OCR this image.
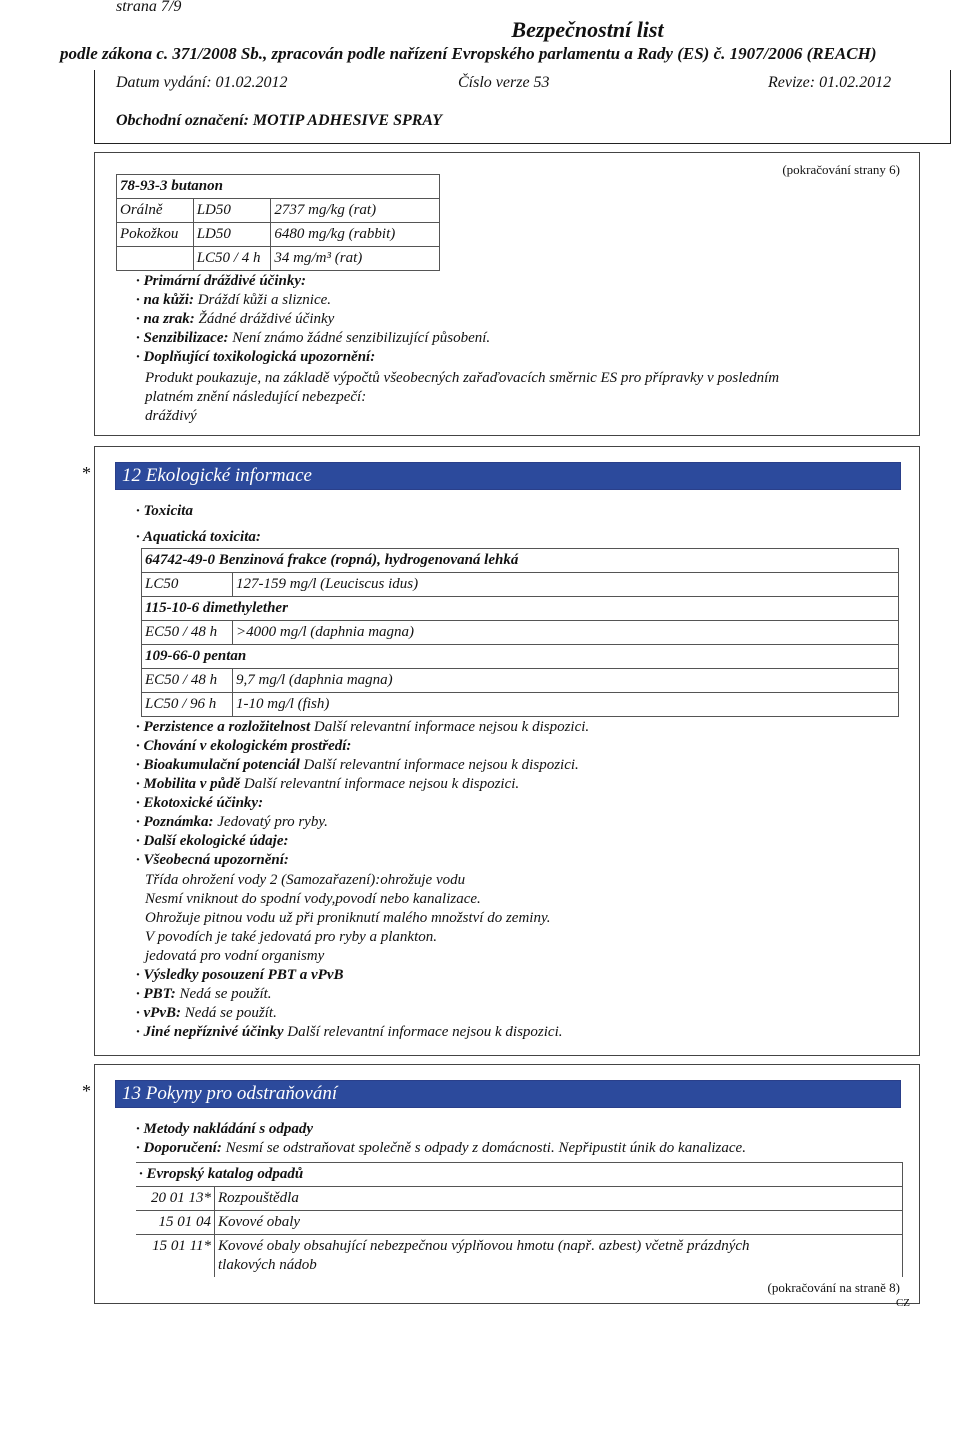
strana 7/9
Bezpečnostní list
podle zákona c. 371/2008 Sb., zpracován podle nařízení Evropského parlamentu a Rady (ES) č. 1907/2006 (REACH)
Datum vydání: 01.02.2012	Číslo verze 53	Revize: 01.02.2012
Obchodní označení: MOTIP ADHESIVE SPRAY
(pokračování strany 6)
78-93-3 butanon		
Orálně	LD50	2737 mg/kg (rat)
Pokožkou	LD50	6480 mg/kg (rabbit)
	LC50 / 4 h	34 mg/m³ (rat)
· Primární dráždivé účinky:
· na kůži: Dráždí kůži a sliznice.
· na zrak: Žádné dráždivé účinky
· Senzibilizace: Není známo žádné senzibilizující působení.
· Doplňující toxikologická upozornění:
Produkt poukazuje, na základě výpočtů všeobecných zařaďovacích směrnic ES pro přípravky v posledním
platném znění následující nebezpečí:
dráždivý
*	12 Ekologické informace
· Toxicita
· Aquatická toxicita:
64742-49-0 Benzinová frakce (ropná), hydrogenovaná lehká	
LC50	127-159 mg/l (Leuciscus idus)
115-10-6 dimethylether	
EC50 / 48 h	>4000 mg/l (daphnia magna)
109-66-0 pentan	
EC50 / 48 h	9,7 mg/l (daphnia magna)
LC50 / 96 h	1-10 mg/l (fish)
· Perzistence a rozložitelnost Další relevantní informace nejsou k dispozici.
· Chování v ekologickém prostředí:
· Bioakumulační potenciál Další relevantní informace nejsou k dispozici.
· Mobilita v půdě Další relevantní informace nejsou k dispozici.
· Ekotoxické účinky:
· Poznámka: Jedovatý pro ryby.
· Další ekologické údaje:
· Všeobecná upozornění:
Třída ohrožení vody 2 (Samozařazení):ohrožuje vodu
Nesmí vniknout do spodní vody,povodí nebo kanalizace.
Ohrožuje pitnou vodu už při proniknutí malého množství do zeminy.
V povodích je také jedovatá pro ryby a plankton.
jedovatá pro vodní organismy
· Výsledky posouzení PBT a vPvB
· PBT: Nedá se použít.
· vPvB: Nedá se použít.
· Jiné nepříznivé účinky Další relevantní informace nejsou k dispozici.
*	13 Pokyny pro odstraňování
· Metody nakládání s odpady
· Doporučení: Nesmí se odstraňovat společně s odpady z domácnosti. Nepřipustit únik do kanalizace.
· Evropský katalog odpadů	
20 01 13*	Rozpouštědla
15 01 04	Kovové obaly
15 01 11*	Kovové obaly obsahující nebezpečnou výplňovou hmotu (např. azbest) včetně prázdných
tlakových nádob
(pokračování na straně 8)
CZ
